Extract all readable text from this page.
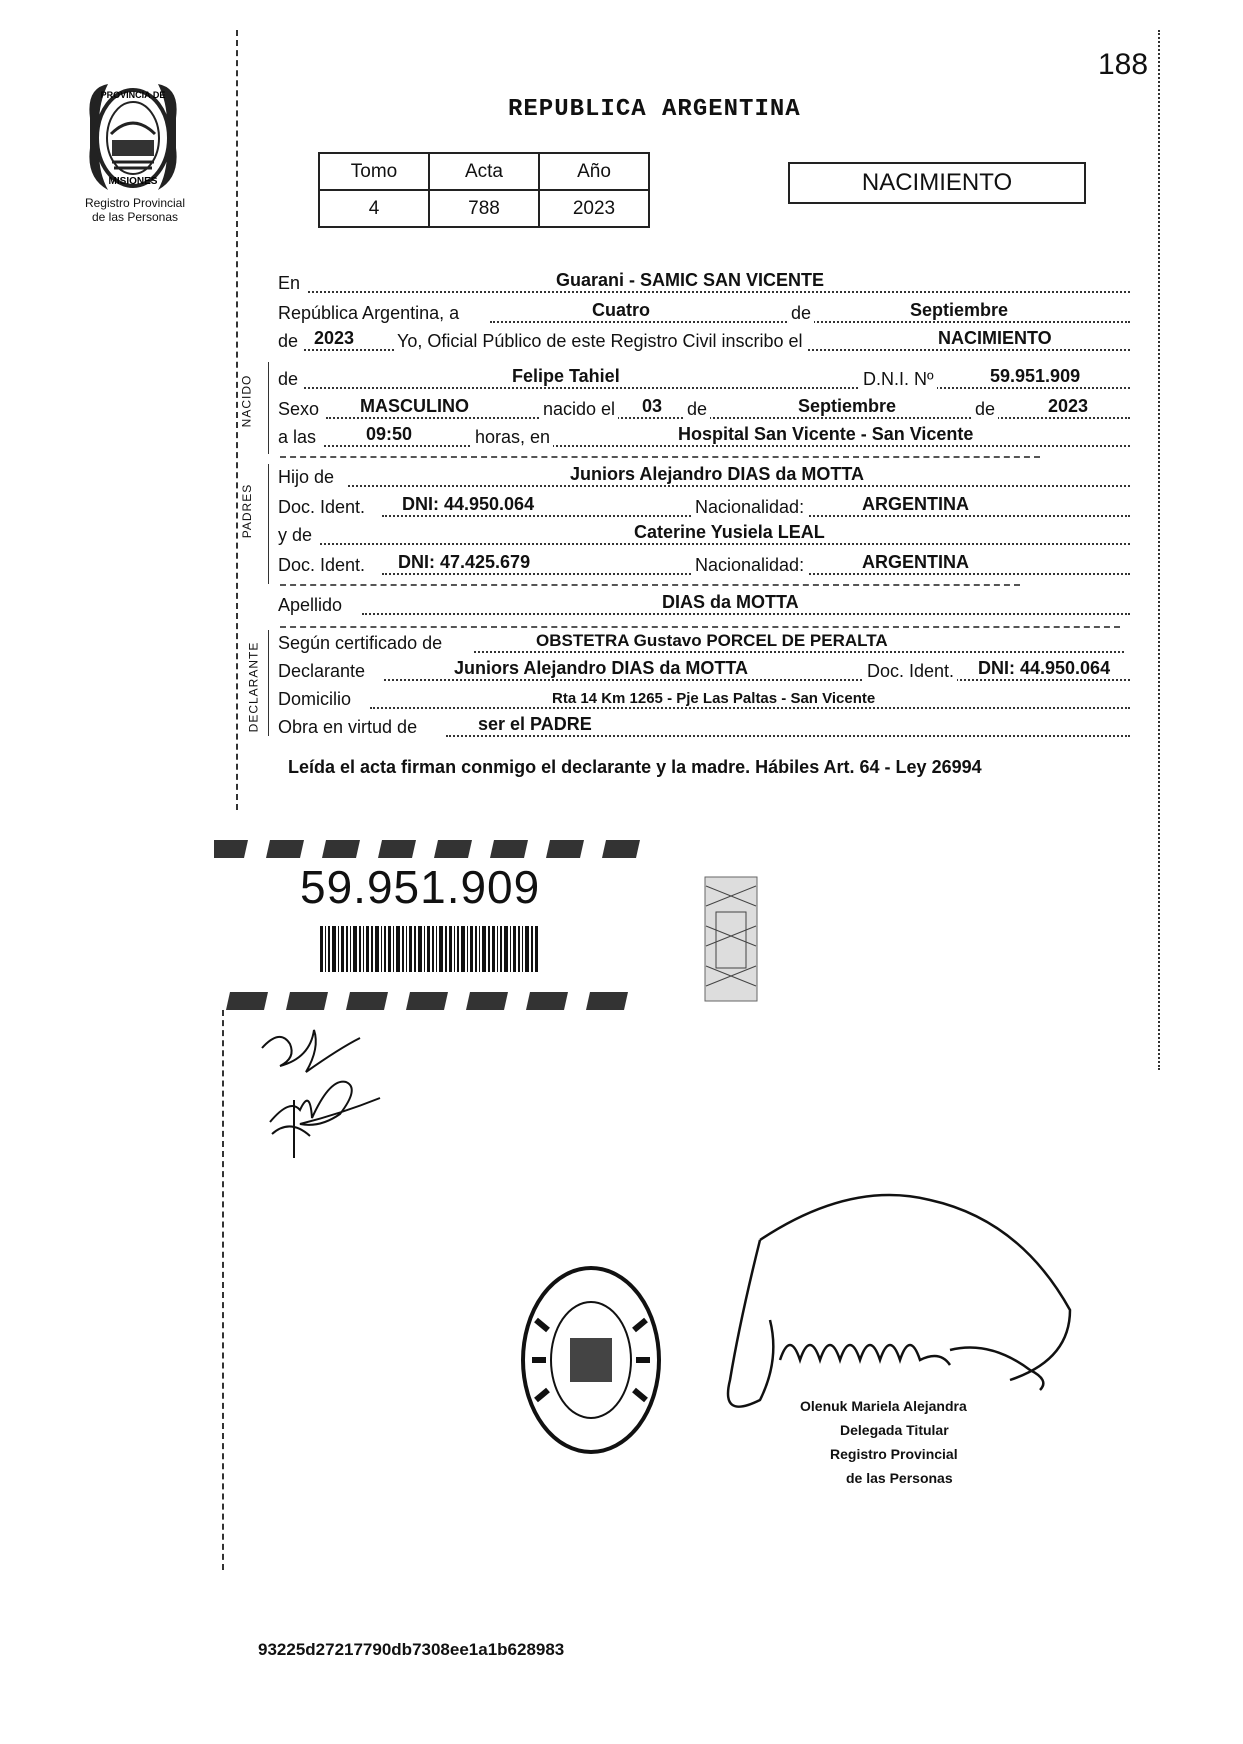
188
PROVINCIA DE
MISIONES
Registro Provincial
de las Personas
REPUBLICA ARGENTINA
Tomo	Acta	Año
4	788	2023
NACIMIENTO
En	Guarani - SAMIC SAN VICENTE
República Argentina, a	Cuatro	de	Septiembre
de 2023 Yo, Oficial Público de este Registro Civil inscribo el	NACIMIENTO
NACIDO de	Felipe Tahiel	D.N.I. Nº	59.951.909
Sexo MASCULINO	nacido el 03 de	Septiembre	de	2023
a las	09:50	horas, en	Hospital San Vicente - San Vicente
PADRES
Hijo de	Juniors Alejandro DIAS da MOTTA
Doc. Ident. DNI: 44.950.064	Nacionalidad:	ARGENTINA
y de	Caterine Yusiela LEAL
Doc. Ident. DNI: 47.425.679	Nacionalidad:	ARGENTINA
Apellido	DIAS da MOTTA
DECLARANTE Según certificado de	OBSTETRA Gustavo PORCEL DE PERALTA
Declarante	Juniors Alejandro DIAS da MOTTA	Doc. Ident. DNI: 44.950.064
Domicilio	Rta 14 Km 1265 - Pje Las Paltas - San Vicente
Obra en virtud de	ser el PADRE
Leída el acta firman conmigo el declarante y la madre. Hábiles Art. 64 - Ley 26994
59.951.909
Olenuk Mariela Alejandra
Delegada Titular
Registro Provincial
de las Personas
93225d27217790db7308ee1a1b628983
